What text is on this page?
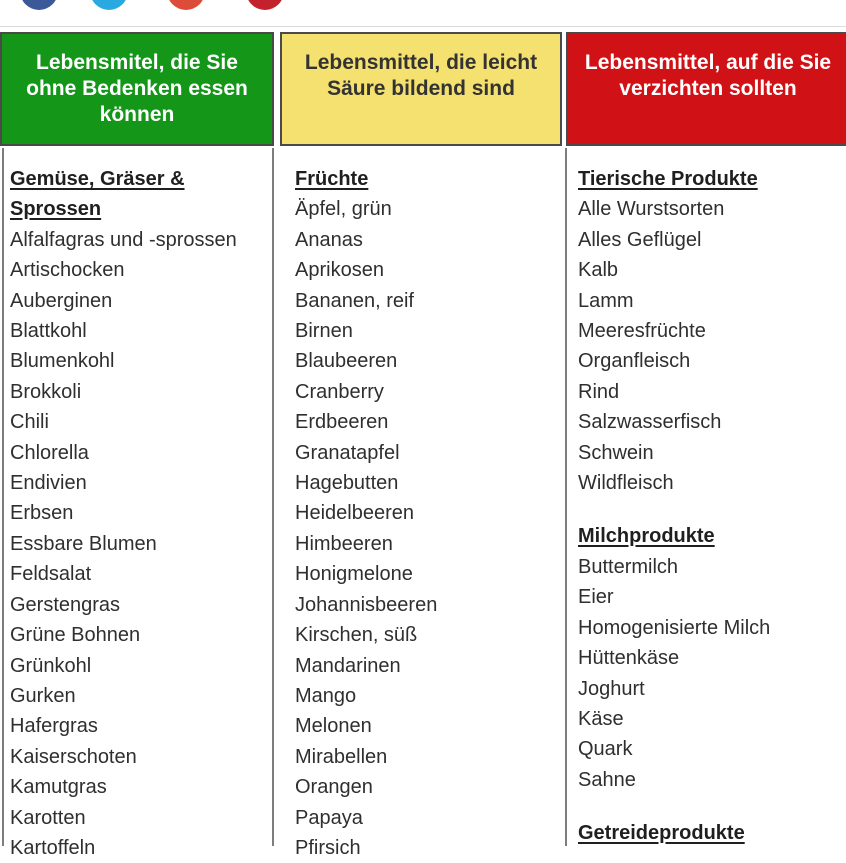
Lebensmitel, die Sie
ohne Bedenken essen
können
Gemüse, Gräser & Sprossen
Alfalfagras und -sprossen
Artischocken
Auberginen
Blattkohl
Blumenkohl
Brokkoli
Chili
Chlorella
Endivien
Erbsen
Essbare Blumen
Feldsalat
Gerstengras
Grüne Bohnen
Grünkohl
Gurken
Hafergras
Kaiserschoten
Kamutgras
Karotten
Kartoffeln
Lebensmittel, die leicht
Säure bildend sind
Früchte
Äpfel, grün
Ananas
Aprikosen
Bananen, reif
Birnen
Blaubeeren
Cranberry
Erdbeeren
Granatapfel
Hagebutten
Heidelbeeren
Himbeeren
Honigmelone
Johannisbeeren
Kirschen, süß
Mandarinen
Mango
Melonen
Mirabellen
Orangen
Papaya
Pfirsich
Lebensmittel, auf die Sie
verzichten sollten
Tierische Produkte
Alle Wurstsorten
Alles Geflügel
Kalb
Lamm
Meeresfrüchte
Organfleisch
Rind
Salzwasserfisch
Schwein
Wildfleisch
Milchprodukte
Buttermilch
Eier
Homogenisierte Milch
Hüttenkäse
Joghurt
Käse
Quark
Sahne
Getreideprodukte
